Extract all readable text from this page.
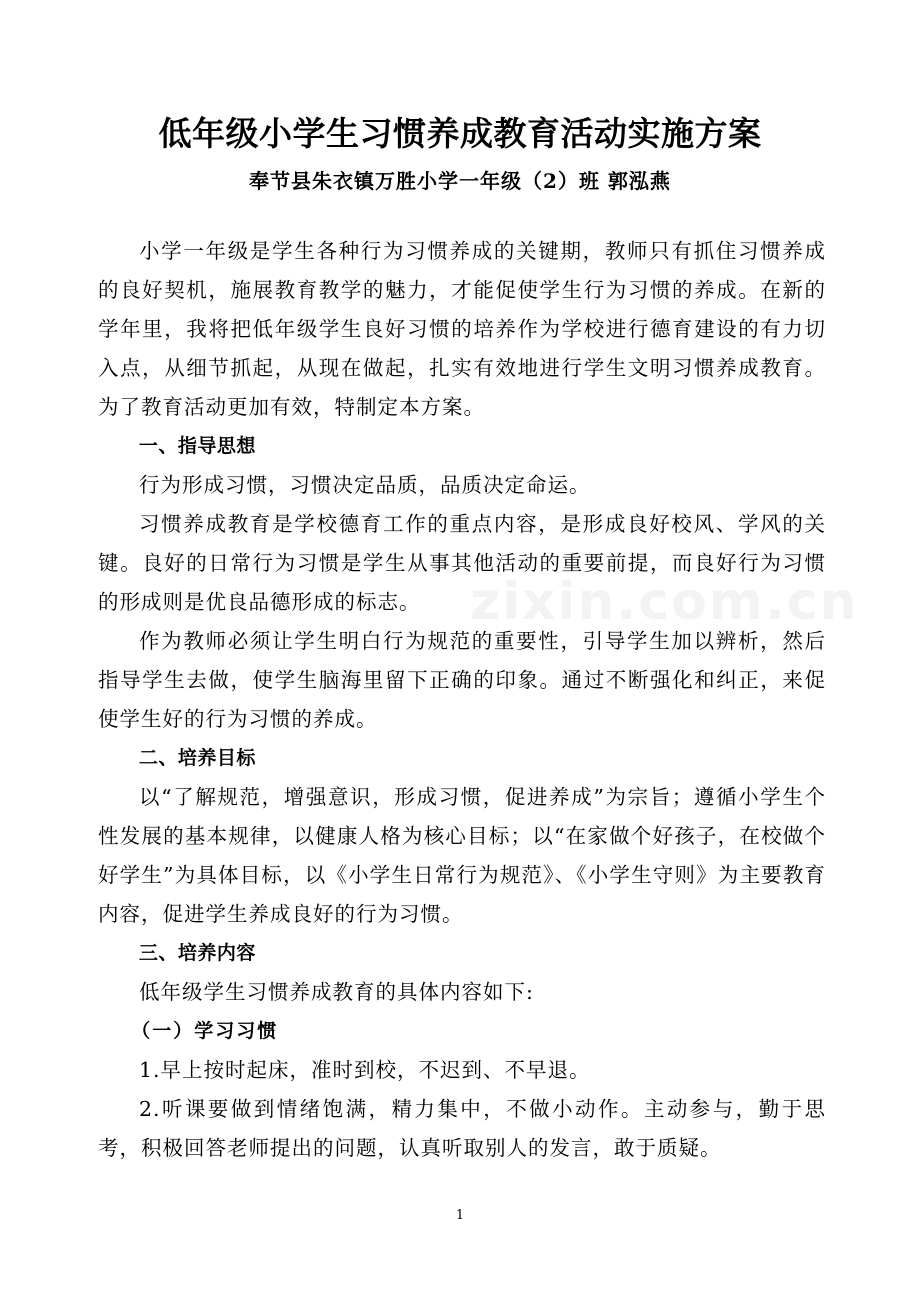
低年级小学生习惯养成教育活动实施方案
奉节县朱衣镇万胜小学一年级（2）班 郭泓燕
zixin.com.cn

小学一年级是学生各种行为习惯养成的关键期，教师只有抓住习惯养成的良好契机，施展教育教学的魅力，才能促使学生行为习惯的养成。在新的学年里，我将把低年级学生良好习惯的培养作为学校进行德育建设的有力切入点，从细节抓起，从现在做起，扎实有效地进行学生文明习惯养成教育。为了教育活动更加有效，特制定本方案。

一、指导思想

行为形成习惯，习惯决定品质，品质决定命运。

习惯养成教育是学校德育工作的重点内容，是形成良好校风、学风的关键。良好的日常行为习惯是学生从事其他活动的重要前提，而良好行为习惯的形成则是优良品德形成的标志。

作为教师必须让学生明白行为规范的重要性，引导学生加以辨析，然后指导学生去做，使学生脑海里留下正确的印象。通过不断强化和纠正，来促使学生好的行为习惯的养成。

二、培养目标

以“了解规范，增强意识，形成习惯，促进养成”为宗旨；遵循小学生个性发展的基本规律，以健康人格为核心目标；以“在家做个好孩子，在校做个好学生”为具体目标，以《小学生日常行为规范》、《小学生守则》为主要教育内容，促进学生养成良好的行为习惯。

三、培养内容

低年级学生习惯养成教育的具体内容如下:

（一）学习习惯

1.早上按时起床，准时到校，不迟到、不早退。

2.听课要做到情绪饱满，精力集中，不做小动作。主动参与，勤于思考，积极回答老师提出的问题，认真听取别人的发言，敢于质疑。

1
